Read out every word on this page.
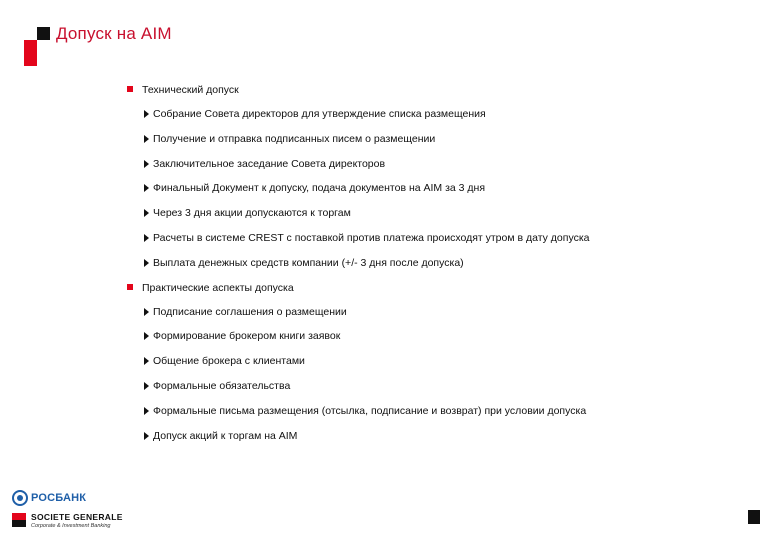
Допуск на AIM
Технический допуск
Собрание Совета директоров для утверждение списка размещения
Получение и отправка подписанных писем о размещении
Заключительное заседание Совета директоров
Финальный Документ к допуску, подача документов на AIM за 3 дня
Через 3 дня акции допускаются к торгам
Расчеты в системе CREST с поставкой против платежа происходят утром в дату допуска
Выплата денежных средств компании (+/- 3 дня после допуска)
Практические аспекты допуска
Подписание соглашения о размещении
Формирование брокером книги заявок
Общение брокера с клиентами
Формальные обязательства
Формальные письма размещения (отсылка, подписание и возврат) при условии допуска
Допуск акций к торгам на AIM
РОСБАНК
SOCIETE GENERALE
Corporate & Investment Banking
